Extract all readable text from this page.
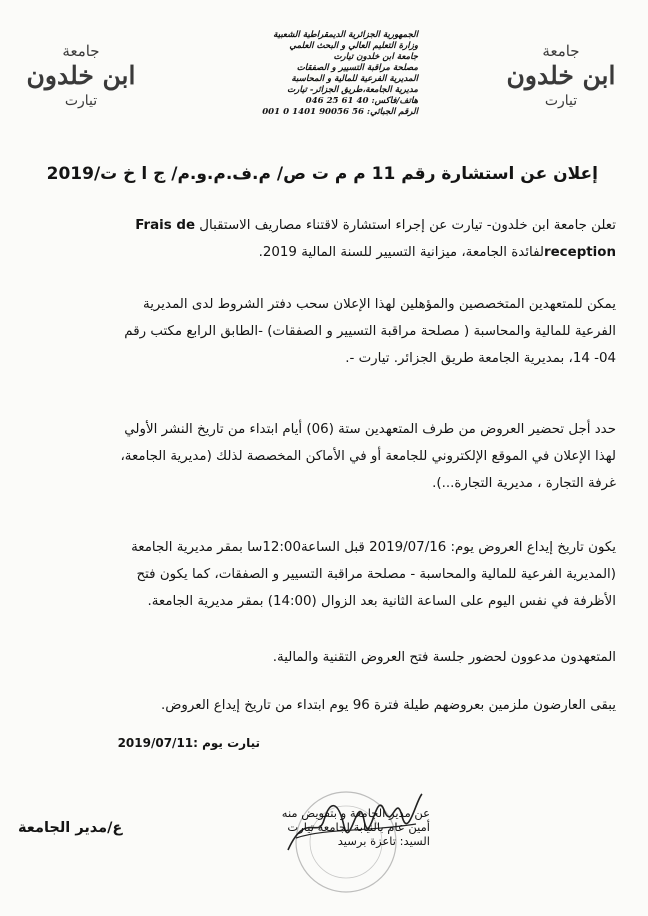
جامعة
ابن خلدون
تيارت
جامعة
ابن خلدون
تيارت
الجمهورية الجزائرية الديمقراطية الشعبية
وزارة التعليم العالي و البحث العلمي
جامعة ابن خلدون تيارت
مصلحة مراقبة التسيير و الصفقات
المديرية الفرعية للمالية و المحاسبة
مديرية الجامعة،طريق الجزائر- تيارت
هاتف/فاكس: 40 61 25 046
الرقم الجبائي: 56 90056 1401 0 001
إعلان عن استشارة رقم 11 م م ت ص/ م.ف.م.و.م/ ج ا خ ت/2019
تعلن جامعة ابن خلدون- تيارت عن إجراء استشارة لاقتناء مصاريف الاستقبال Frais de
receptionلفائدة الجامعة، ميزانية التسيير للسنة المالية 2019.
يمكن للمتعهدين المتخصصين والمؤهلين لهذا الإعلان سحب دفتر الشروط لدى المديرية
الفرعية للمالية والمحاسبة ( مصلحة مراقبة التسيير و الصفقات) -الطابق الرابع مكتب رقم
04- 14، بمديرية الجامعة طريق الجزائر. تيارت -.
حدد أجل تحضير العروض من طرف المتعهدين ستة (06) أيام ابتداء من تاريخ النشر الأولي
لهذا الإعلان في الموقع الإلكتروني للجامعة أو في الأماكن المخصصة لذلك (مديرية الجامعة،
غرفة التجارة ، مديرية التجارة...).
يكون تاريخ إيداع العروض يوم: 2019/07/16 قبل الساعة12:00سا بمقر مديرية الجامعة
(المديرية الفرعية للمالية والمحاسبة - مصلحة مراقبة التسيير و الصفقات، كما يكون فتح
الأظرفة في نفس اليوم على الساعة الثانية بعد الزوال (14:00) بمقر مديرية الجامعة.
المتعهدون مدعوون لحضور جلسة فتح العروض التقنية والمالية.
يبقى العارضون ملزمين بعروضهم طيلة فترة 96 يوم ابتداء من تاريخ إيداع العروض.
تيارت يوم :2019/07/11
عن مدير الجامعة و بتفويض منه
أمين عام بالنيابة لجامعة تيارت
السيد: تاعزة برسيد
ع/مدير الجامعة
